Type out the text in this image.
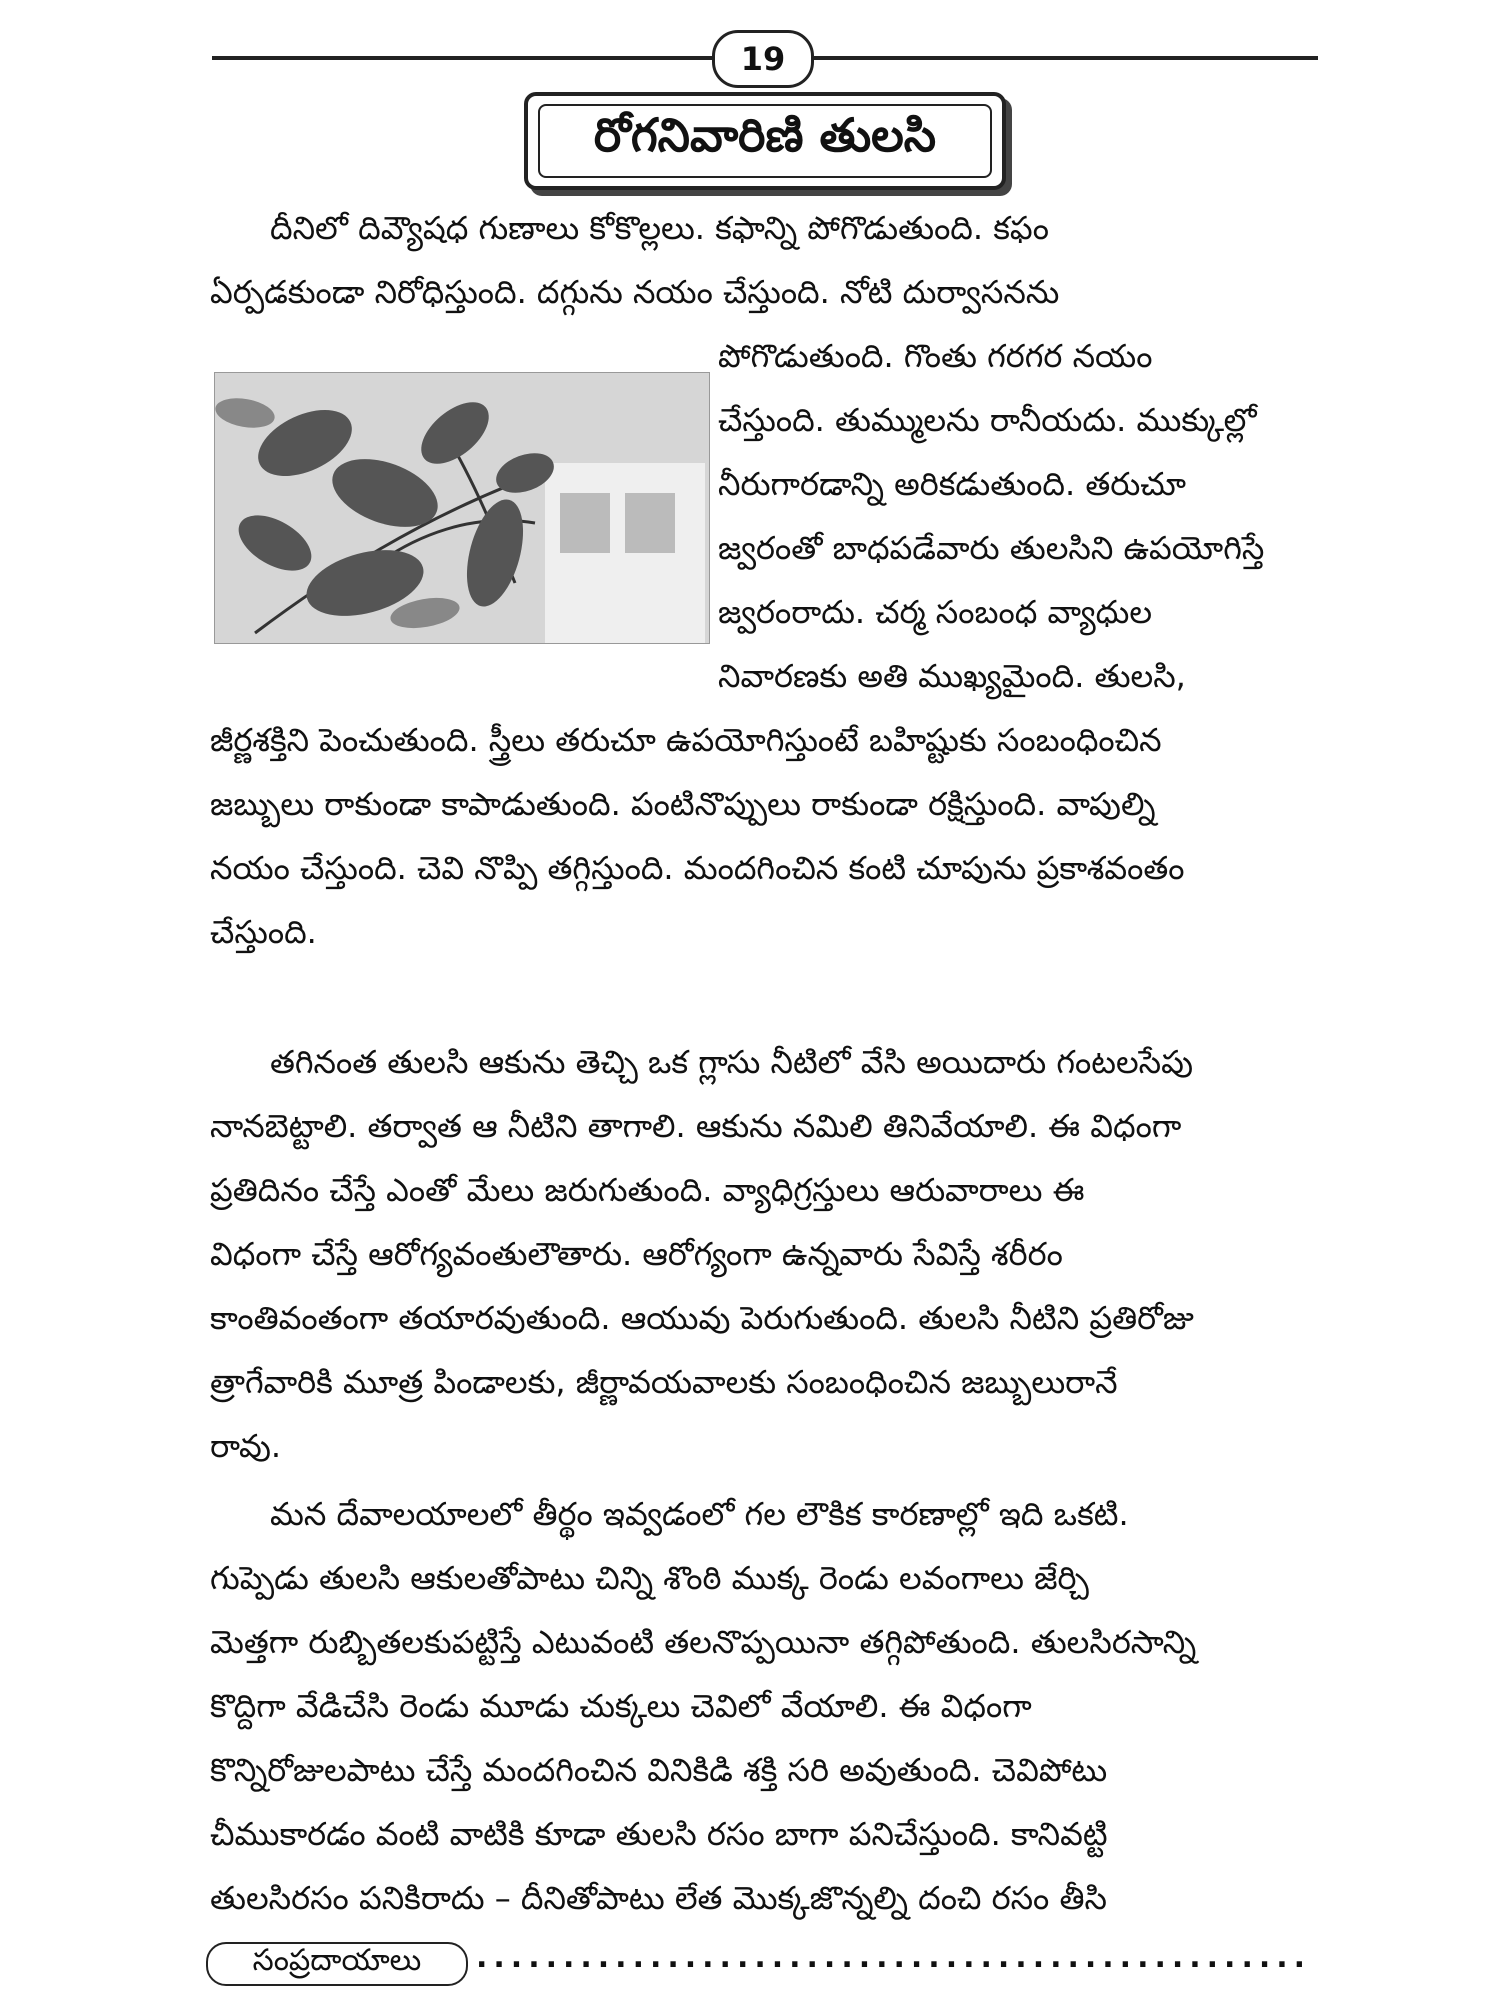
19
రోగనివారిణి తులసి
దీనిలో దివ్యౌషధ గుణాలు కోకొల్లలు. కఫాన్ని పోగొడుతుంది. కఫం
ఏర్పడకుండా నిరోధిస్తుంది. దగ్గును నయం చేస్తుంది. నోటి దుర్వాసనను
పోగొడుతుంది. గొంతు గరగర నయం
చేస్తుంది. తుమ్ములను రానీయదు. ముక్కుల్లో
నీరుగారడాన్ని అరికడుతుంది. తరుచూ
జ్వరంతో బాధపడేవారు తులసిని ఉపయోగిస్తే
జ్వరంరాదు. చర్మ సంబంధ వ్యాధుల
నివారణకు అతి ముఖ్యమైంది. తులసి,
జీర్ణశక్తిని పెంచుతుంది. స్త్రీలు తరుచూ ఉపయోగిస్తుంటే బహిష్టుకు సంబంధించిన
జబ్బులు రాకుండా కాపాడుతుంది. పంటినొప్పులు రాకుండా రక్షిస్తుంది. వాపుల్ని
నయం చేస్తుంది. చెవి నొప్పి తగ్గిస్తుంది. మందగించిన కంటి చూపును ప్రకాశవంతం
చేస్తుంది.
తగినంత తులసి ఆకును తెచ్చి ఒక గ్లాసు నీటిలో వేసి అయిదారు గంటలసేపు
నానబెట్టాలి. తర్వాత ఆ నీటిని తాగాలి. ఆకును నమిలి తినివేయాలి. ఈ విధంగా
ప్రతిదినం చేస్తే ఎంతో మేలు జరుగుతుంది. వ్యాధిగ్రస్తులు ఆరువారాలు ఈ
విధంగా చేస్తే ఆరోగ్యవంతులౌతారు. ఆరోగ్యంగా ఉన్నవారు సేవిస్తే శరీరం
కాంతివంతంగా తయారవుతుంది. ఆయువు పెరుగుతుంది. తులసి నీటిని ప్రతిరోజు
త్రాగేవారికి మూత్ర పిండాలకు, జీర్ణావయవాలకు సంబంధించిన జబ్బులురానే
రావు.
మన దేవాలయాలలో తీర్థం ఇవ్వడంలో గల లౌకిక కారణాల్లో ఇది ఒకటి.
గుప్పెడు తులసి ఆకులతోపాటు చిన్ని శొంఠి ముక్క రెండు లవంగాలు జేర్చి
మెత్తగా రుబ్బితలకుపట్టిస్తే ఎటువంటి తలనొప్పయినా తగ్గిపోతుంది. తులసిరసాన్ని
కొద్దిగా వేడిచేసి రెండు మూడు చుక్కలు చెవిలో వేయాలి. ఈ విధంగా
కొన్నిరోజులపాటు చేస్తే మందగించిన వినికిడి శక్తి సరి అవుతుంది. చెవిపోటు
చీముకారడం వంటి వాటికి కూడా తులసి రసం బాగా పనిచేస్తుంది. కానివట్టి
తులసిరసం పనికిరాదు – దీనితోపాటు లేత మొక్కజొన్నల్ని దంచి రసం తీసి
సంప్రదాయాలు ................................................
